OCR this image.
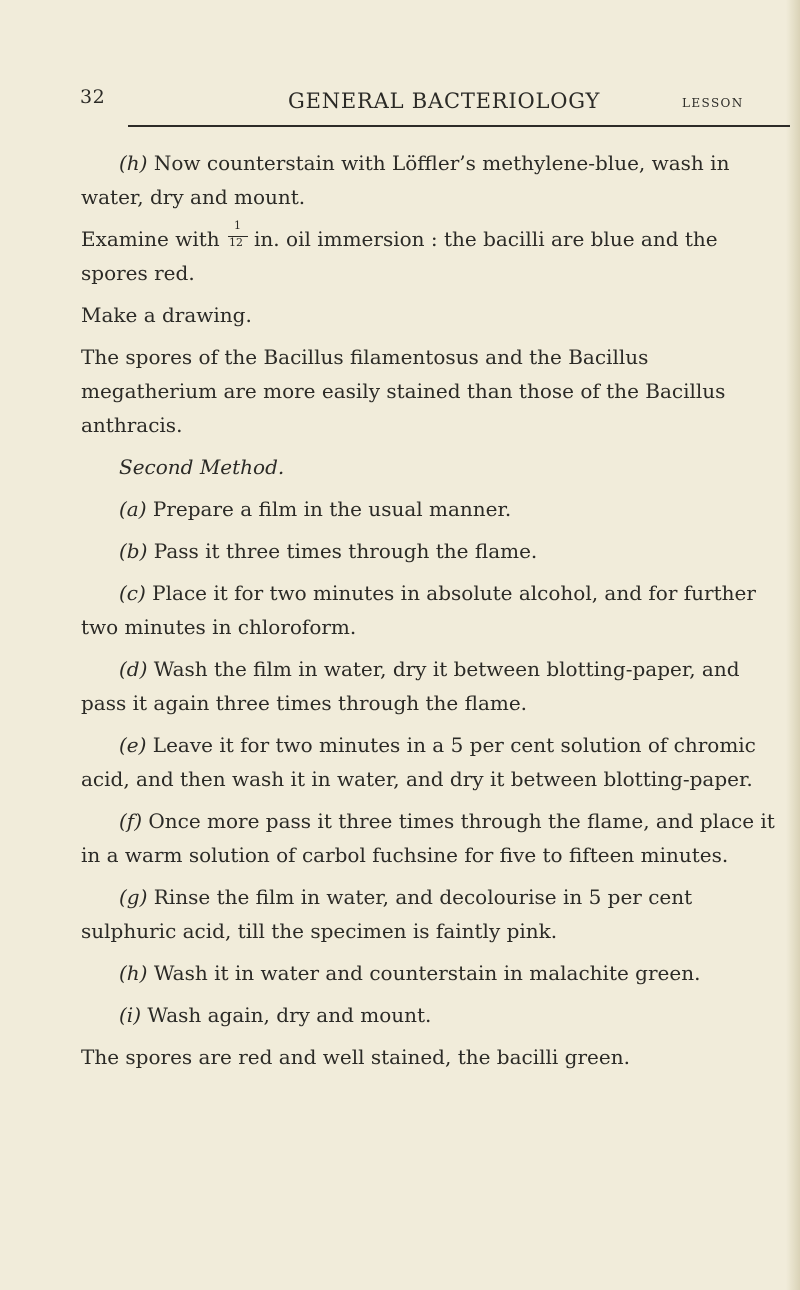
32	GENERAL BACTERIOLOGY	LESSON

(h) Now counterstain with Löffler’s methylene-blue, wash in water, dry and mount.

Examine with $\frac{1}{12}$ in. oil immersion : the bacilli are blue and the spores red.

Make a drawing.

The spores of the Bacillus filamentosus and the Bacillus megatherium are more easily stained than those of the Bacillus anthracis.

Second Method.

(a) Prepare a film in the usual manner.

(b) Pass it three times through the flame.

(c) Place it for two minutes in absolute alcohol, and for further two minutes in chloroform.

(d) Wash the film in water, dry it between blotting-paper, and pass it again three times through the flame.

(e) Leave it for two minutes in a 5 per cent solution of chromic acid, and then wash it in water, and dry it between blotting-paper.

(f) Once more pass it three times through the flame, and place it in a warm solution of carbol fuchsine for five to fifteen minutes.

(g) Rinse the film in water, and decolourise in 5 per cent sulphuric acid, till the specimen is faintly pink.

(h) Wash it in water and counterstain in malachite green.

(i) Wash again, dry and mount.

The spores are red and well stained, the bacilli green.
